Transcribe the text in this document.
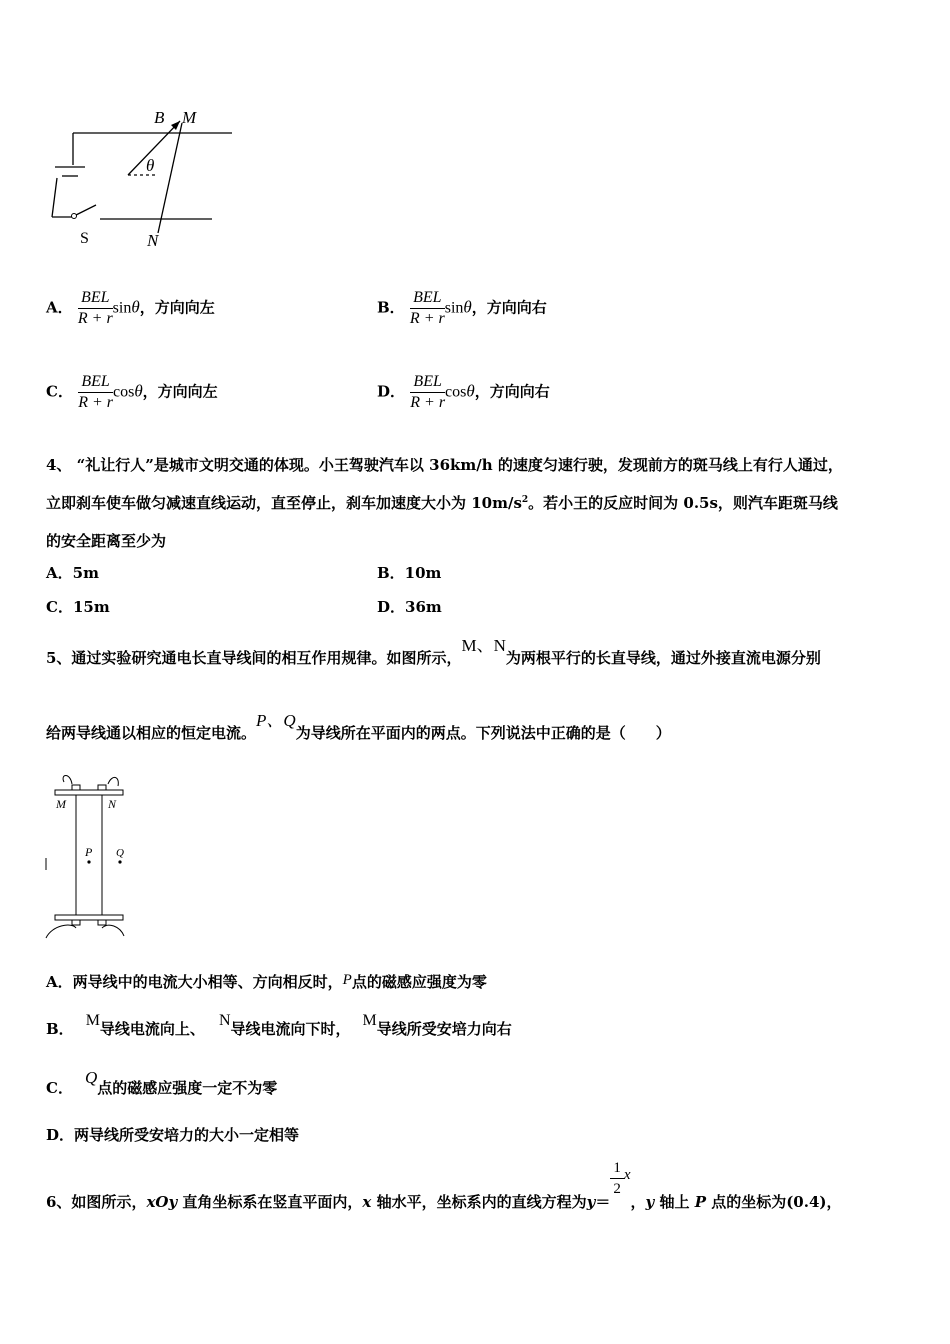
B M
θ
S	N
A． $\frac{\text{BEL}}{R + r}$ sinθ，方向向左	B． $\frac{\text{BEL}}{R + r}$ sinθ，方向向右
C． $\frac{\text{BEL}}{R + r}$ cosθ，方向向左	D． $\frac{\text{BEL}}{R + r}$ cosθ，方向向右
4、 “礼让行人”是城市文明交通的体现。小王驾驶汽车以 36km/h 的速度匀速行驶，发现前方的斑马线上有行人通过，
立即刹车使车做匀减速直线运动，直至停止，刹车加速度大小为 $10m/s^2$。若小王的反应时间为 0.5s，则汽车距斑马线
的安全距离至少为
A．5m	B．10m
C．15m	D．36m
5、通过实验研究通电长直导线间的相互作用规律。如图所示，M、N为两根平行的长直导线，通过外接直流电源分别
给两导线通以相应的恒定电流。P、Q为导线所在平面内的两点。下列说法中正确的是（　　）
M	N
P Q
A．两导线中的电流大小相等、方向相反时，P点的磁感应强度为零
B． M导线电流向上、 N导线电流向下时， M导线所受安培力向右
C．Q点的磁感应强度一定不为零
D．两导线所受安培力的大小一定相等
6、如图所示，xOy 直角坐标系在竖直平面内，x 轴水平，坐标系内的直线方程为y＝
$\frac{1}{2}$ x，y 轴上 P 点的坐标为(0.4)，
